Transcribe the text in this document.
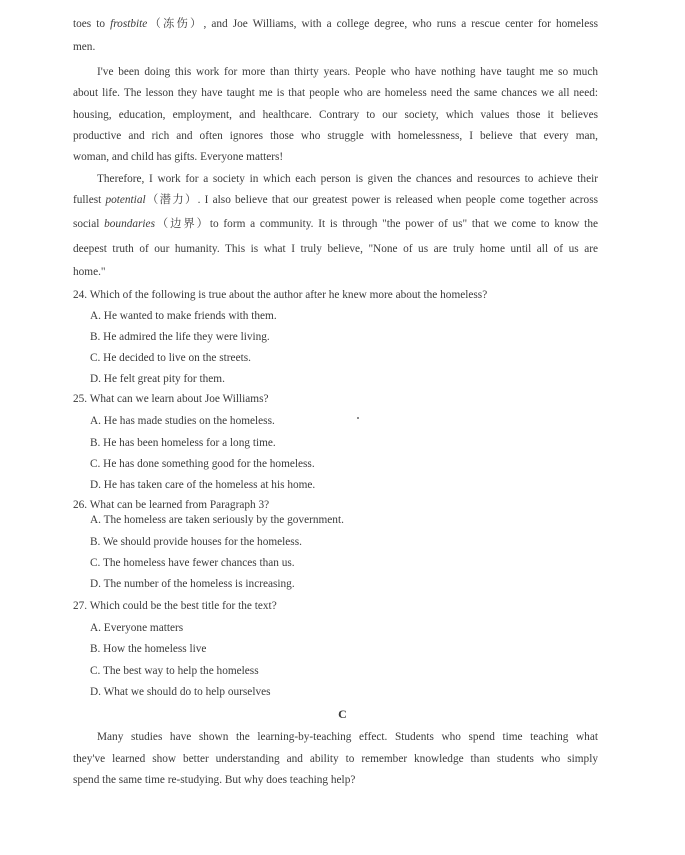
toes to frostbite（冻伤）, and Joe Williams, with a college degree, who runs a rescue center for homeless
men.
I've been doing this work for more than thirty years. People who have nothing have taught me so much
about life. The lesson they have taught me is that people who are homeless need the same chances we all need:
housing, education, employment, and healthcare. Contrary to our society, which values those it believes
productive and rich and often ignores those who struggle with homelessness, I believe that every man,
woman, and child has gifts. Everyone matters!
Therefore, I work for a society in which each person is given the chances and resources to achieve their
fullest potential（潜力）. I also believe that our greatest power is released when people come together across
social boundaries（边界）to form a community. It is through "the power of us" that we come to know the
deepest truth of our humanity. This is what I truly believe, "None of us are truly home until all of us are
home."
24. Which of the following is true about the author after he knew more about the homeless?
A. He wanted to make friends with them.
B. He admired the life they were living.
C. He decided to live on the streets.
D. He felt great pity for them.
25. What can we learn about Joe Williams?
A. He has made studies on the homeless.
B. He has been homeless for a long time.
C. He has done something good for the homeless.
D. He has taken care of the homeless at his home.
26. What can be learned from Paragraph 3?
A. The homeless are taken seriously by the government.
B. We should provide houses for the homeless.
C. The homeless have fewer chances than us.
D. The number of the homeless is increasing.
27. Which could be the best title for the text?
A. Everyone matters
B. How the homeless live
C. The best way to help the homeless
D. What we should do to help ourselves
C
Many studies have shown the learning-by-teaching effect. Students who spend time teaching what
they've learned show better understanding and ability to remember knowledge than students who simply
spend the same time re-studying. But why does teaching help?
